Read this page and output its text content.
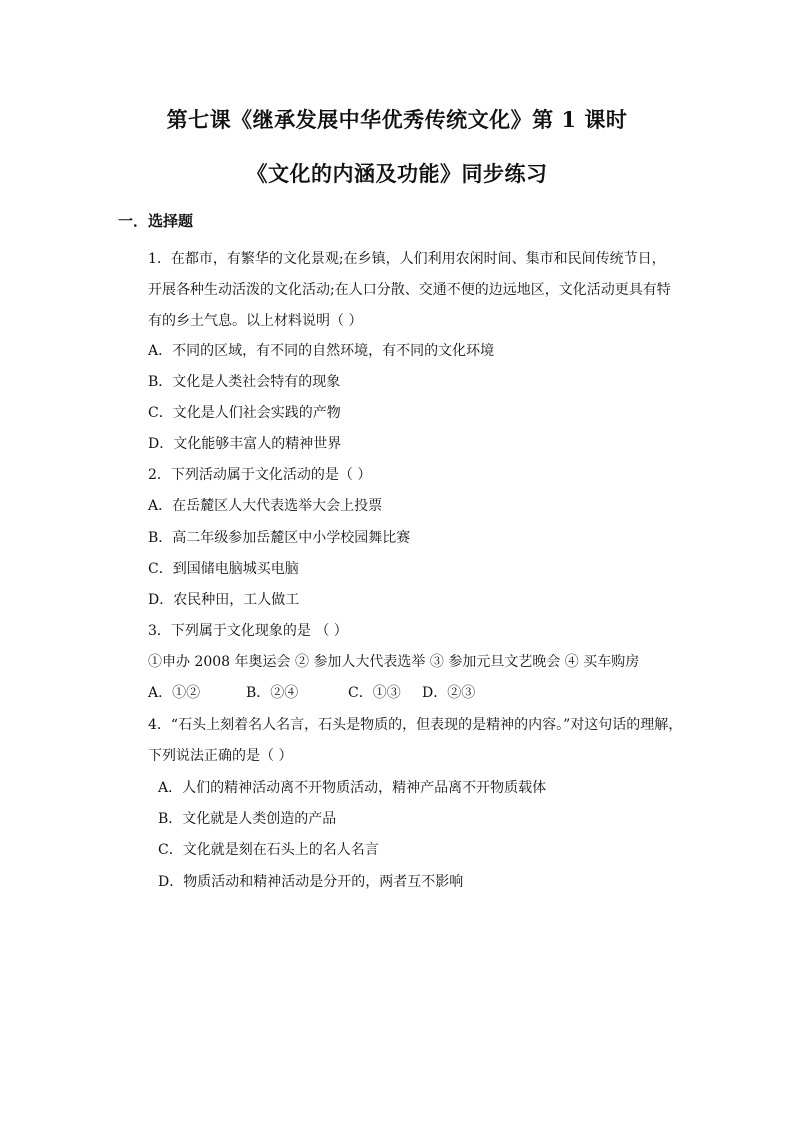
第七课《继承发展中华优秀传统文化》第 1 课时
《文化的内涵及功能》同步练习
一．选择题
1．在都市，有繁华的文化景观;在乡镇，人们利用农闲时间、集市和民间传统节日，
开展各种生动活泼的文化活动;在人口分散、交通不便的边远地区，文化活动更具有特
有的乡土气息。以上材料说明（ ）
A．不同的区域，有不同的自然环境，有不同的文化环境
B．文化是人类社会特有的现象
C．文化是人们社会实践的产物
D．文化能够丰富人的精神世界
2．下列活动属于文化活动的是（ ）
A．在岳麓区人大代表选举大会上投票
B．高二年级参加岳麓区中小学校园舞比赛
C．到国储电脑城买电脑
D．农民种田，工人做工
3．下列属于文化现象的是 （ ）
①申办 2008 年奥运会 ② 参加人大代表选举 ③ 参加元旦文艺晚会 ④ 买车购房
A．①②	B．②④	C．①③ D．②③
4．“石头上刻着名人名言，石头是物质的，但表现的是精神的内容。”对这句话的理解，
下列说法正确的是（ ）
A．人们的精神活动离不开物质活动，精神产品离不开物质载体
B．文化就是人类创造的产品
C．文化就是刻在石头上的名人名言
D．物质活动和精神活动是分开的，两者互不影响
